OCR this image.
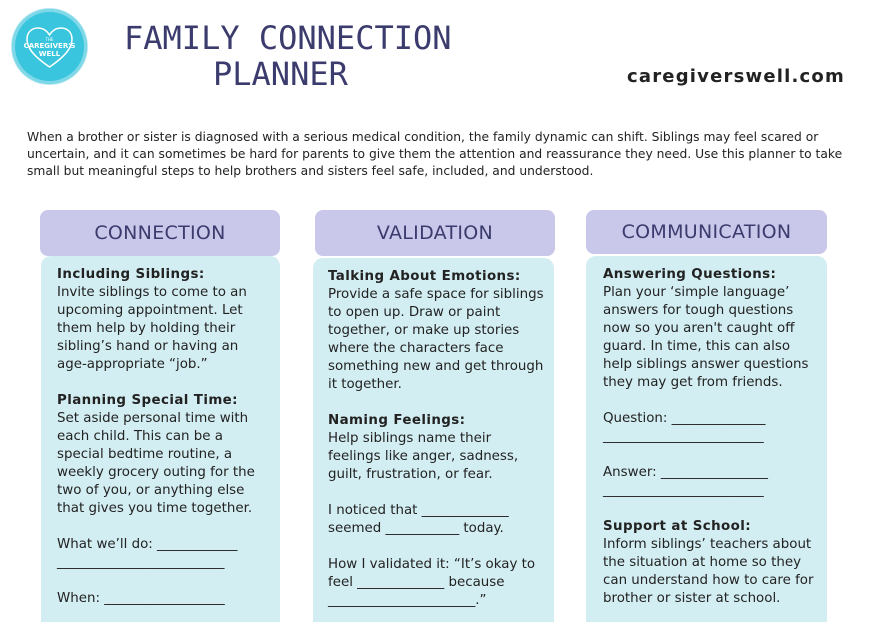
THE
CAREGIVER'S
WELL	FAMILY CONNECTION
PLANNER	caregiverswell.com
When a brother or sister is diagnosed with a serious medical condition, the family dynamic can shift. Siblings may feel scared or uncertain, and it can sometimes be hard for parents to give them the attention and reassurance they need. Use this planner to take small but meaningful steps to help brothers and sisters feel safe, included, and understood.
CONNECTION
Including Siblings:
Invite siblings to come to an upcoming appointment. Let them help by holding their sibling’s hand or having an age-appropriate “job.”
Planning Special Time:
Set aside personal time with each child. This can be a special bedtime routine, a weekly grocery outing for the two of you, or anything else that gives you time together.
What we’ll do: ____________
_________________________
When: __________________
VALIDATION
Talking About Emotions:
Provide a safe space for siblings to open up. Draw or paint together, or make up stories where the characters face something new and get through it together.
Naming Feelings:
Help siblings name their feelings like anger, sadness, guilt, frustration, or fear.
I noticed that _____________
seemed ___________ today.
How I validated it: “It’s okay to
feel _____________ because
______________________.”
COMMUNICATION
Answering Questions:
Plan your ‘simple language’ answers for tough questions now so you aren't caught off guard. In time, this can also help siblings answer questions they may get from friends.
Question: ______________
________________________
Answer: ________________
________________________
Support at School:
Inform siblings’ teachers about the situation at home so they can understand how to care for brother or sister at school.
